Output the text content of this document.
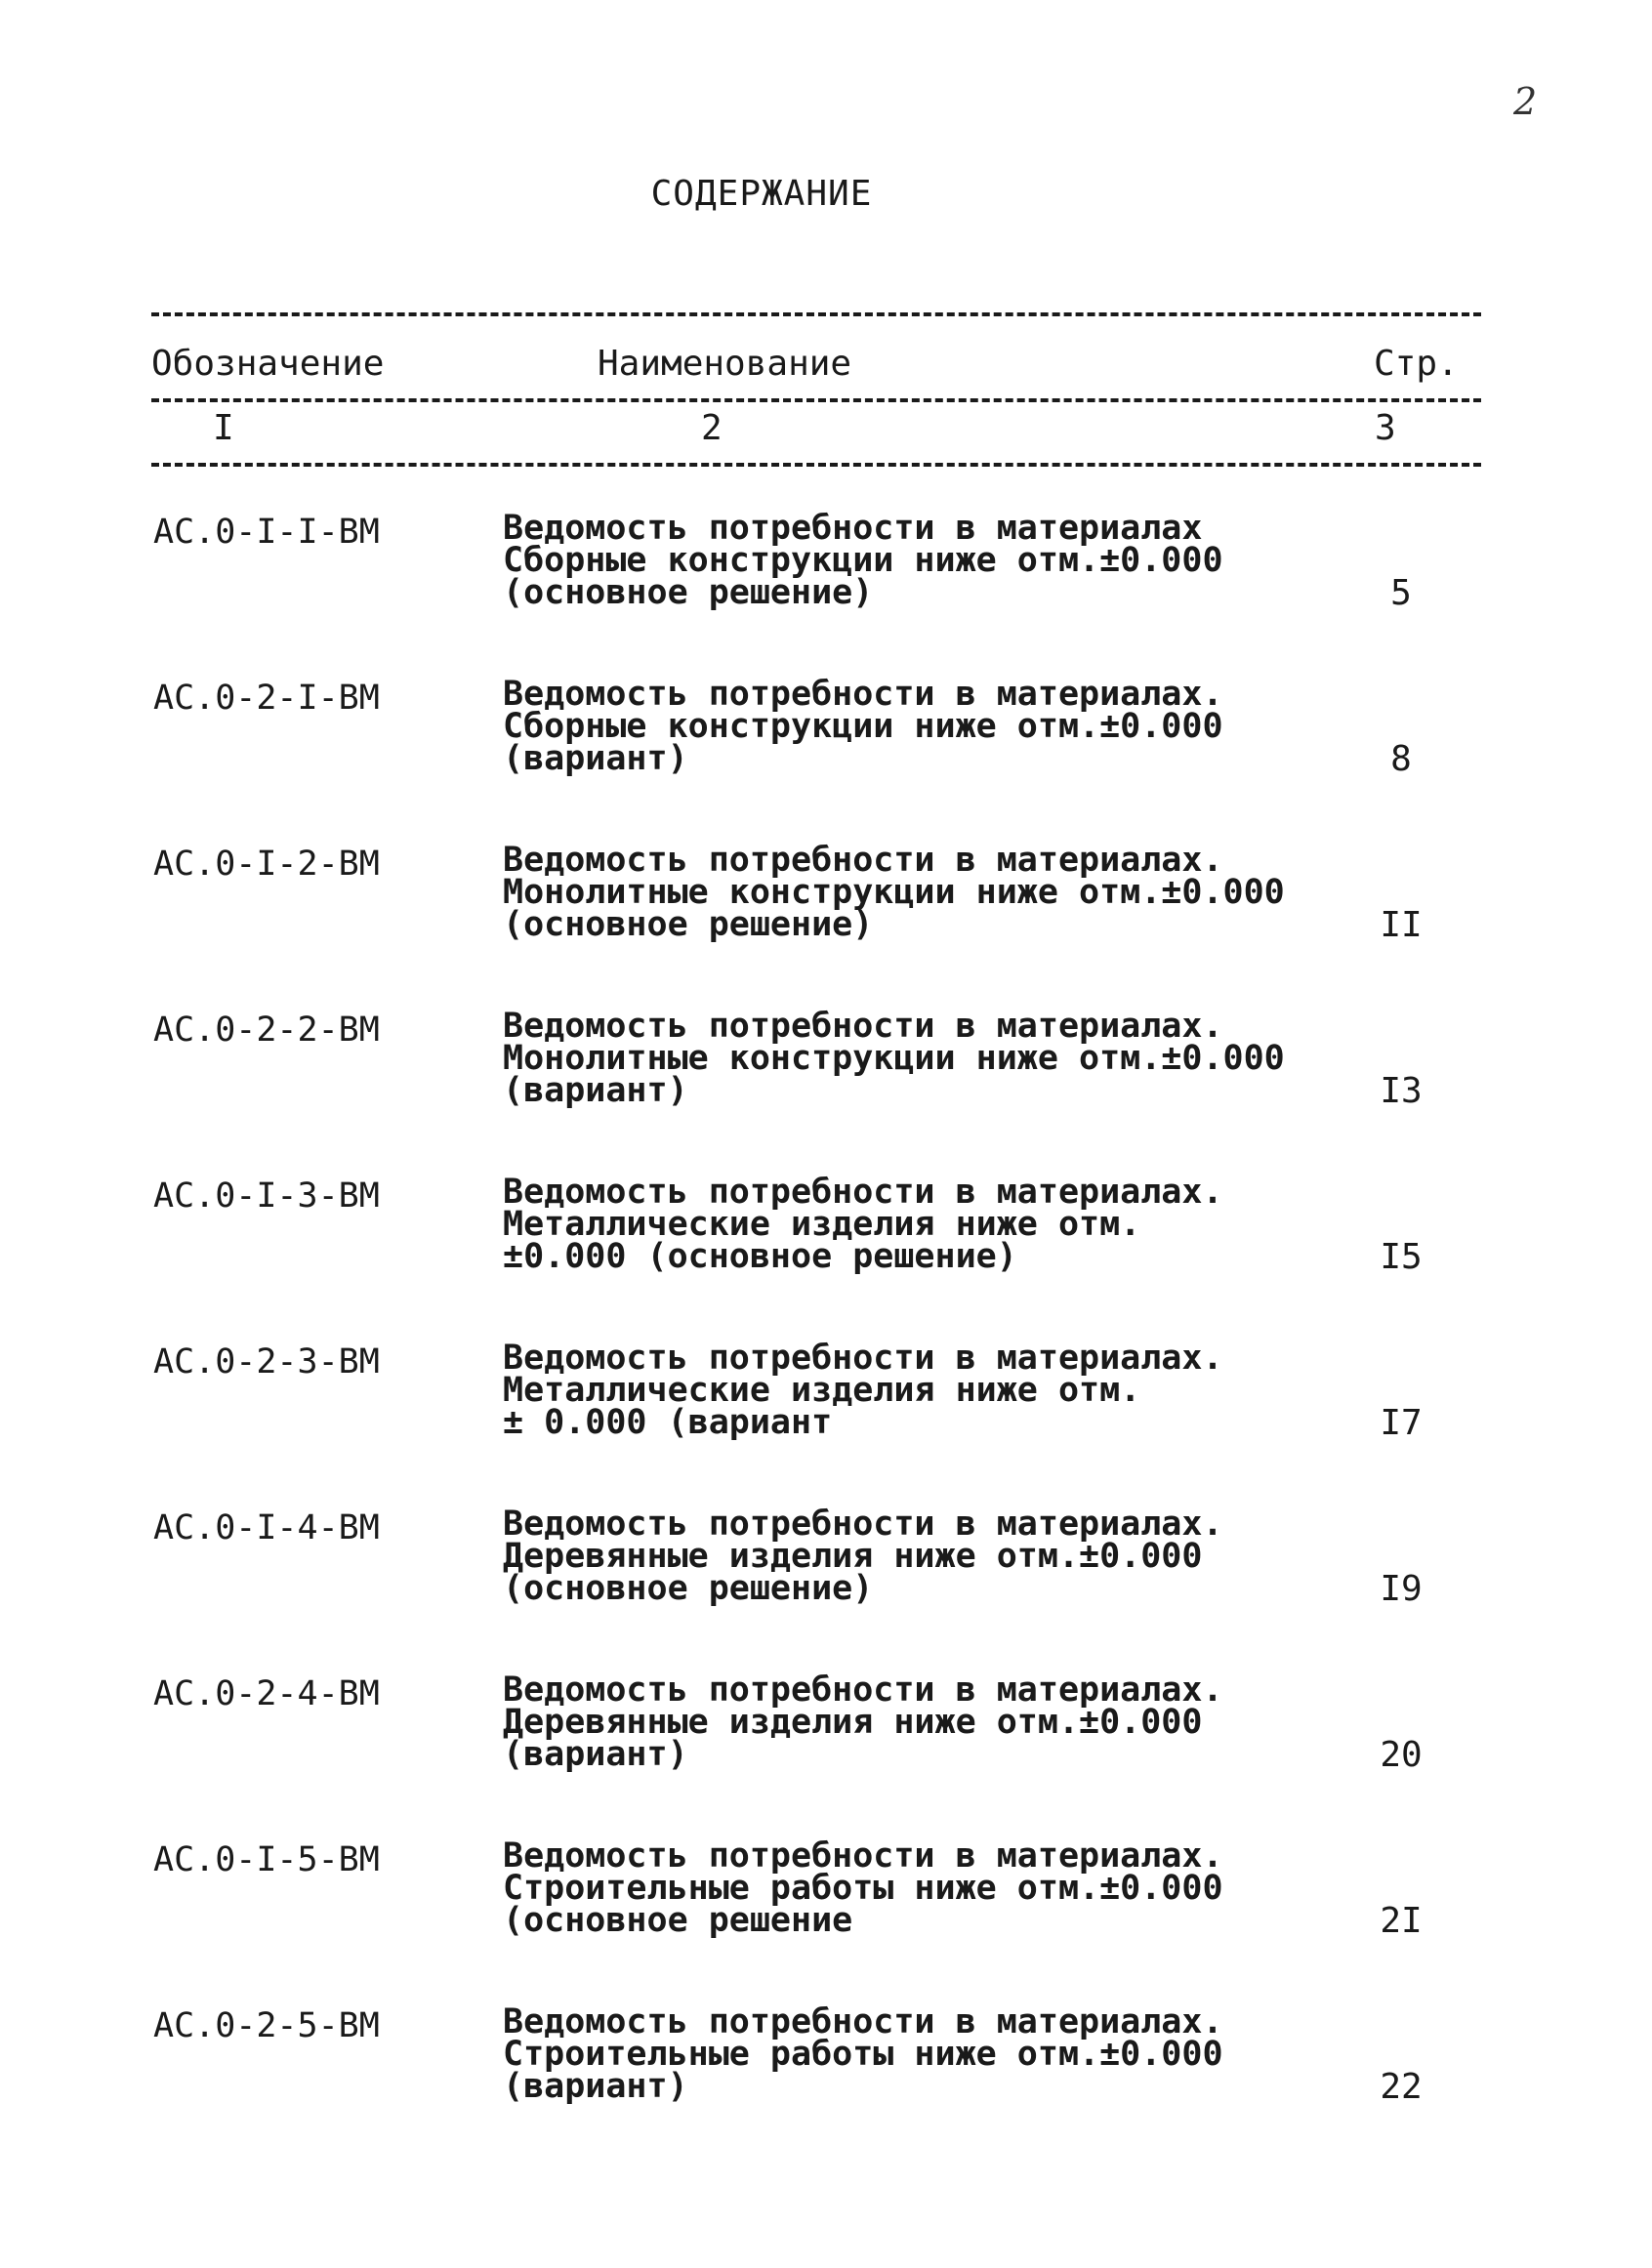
2
СОДЕРЖАНИЕ
Обозначение	Наименование	Стр.
I	2	3
АС.0-I-I-ВМ	Ведомость потребности в материалах
Сборные конструкции ниже отм.±0.000
(основное решение)	5
АС.0-2-I-ВМ	Ведомость потребности в материалах.
Сборные конструкции ниже отм.±0.000
(вариант)	8
АС.0-I-2-ВМ	Ведомость потребности в материалах.
Монолитные конструкции ниже отм.±0.000
(основное решение)	II
АС.0-2-2-ВМ	Ведомость потребности в материалах.
Монолитные конструкции ниже отм.±0.000
(вариант)	I3
АС.0-I-3-ВМ	Ведомость потребности в материалах.
Металлические изделия ниже отм.
±0.000 (основное решение)	I5
АС.0-2-3-ВМ	Ведомость потребности в материалах.
Металлические изделия ниже отм.
± 0.000 (вариант	I7
АС.0-I-4-ВМ	Ведомость потребности в материалах.
Деревянные изделия ниже отм.±0.000
(основное решение)	I9
АС.0-2-4-ВМ	Ведомость потребности в материалах.
Деревянные изделия ниже отм.±0.000
(вариант)	20
АС.0-I-5-ВМ	Ведомость потребности в материалах.
Строительные работы ниже отм.±0.000
(основное решение	2I
АС.0-2-5-ВМ	Ведомость потребности в материалах.
Строительные работы ниже отм.±0.000
(вариант)	22
